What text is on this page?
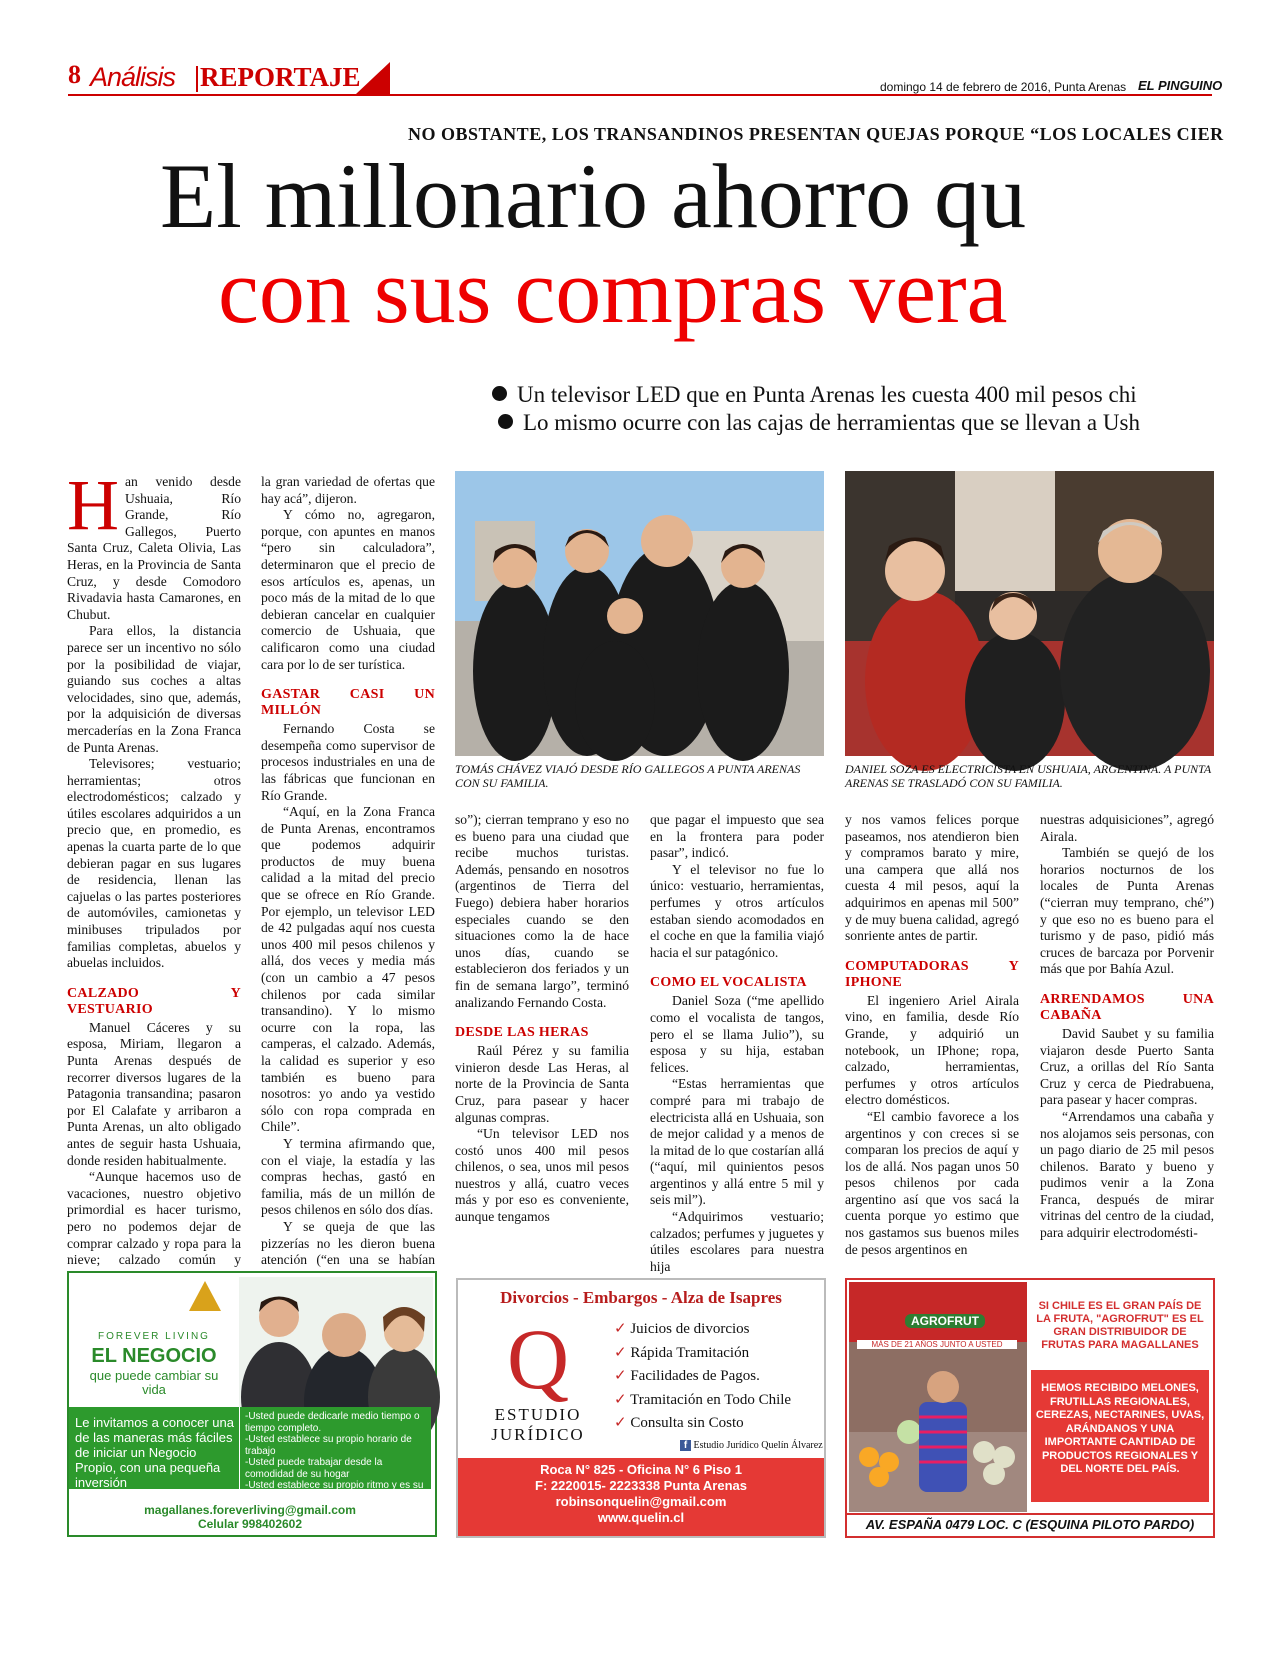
8 Análisis REPORTAJE	domingo 14 de febrero de 2016, Punta Arenas EL PINGUINO
NO OBSTANTE, LOS TRANSANDINOS PRESENTAN QUEJAS PORQUE “LOS LOCALES CIER
El millonario ahorro qu
con sus compras vera
Un televisor LED que en Punta Arenas les cuesta 400 mil pesos chi
Lo mismo ocurre con las cajas de herramientas que se llevan a Ush

Han venido desde Ushuaia, Río Grande, Río Gallegos, Puerto Santa Cruz, Caleta Olivia, Las Heras, en la Provincia de Santa Cruz, y desde Comodoro Rivadavia hasta Camarones, en Chubut.

Para ellos, la distancia parece ser un incentivo no sólo por la posibilidad de viajar, guiando sus coches a altas velocidades, sino que, además, por la adquisición de diversas mercaderías en la Zona Franca de Punta Arenas.

Televisores; vestuario; herramientas; otros electrodomésticos; calzado y útiles escolares adquiridos a un precio que, en promedio, es apenas la cuarta parte de lo que debieran pagar en sus lugares de residencia, llenan las cajuelas o las partes posteriores de automóviles, camionetas y minibuses tripulados por familias completas, abuelos y abuelas incluidos.

CALZADO Y VESTUARIO

Manuel Cáceres y su esposa, Miriam, llegaron a Punta Arenas después de recorrer diversos lugares de la Patagonia transandina; pasaron por El Calafate y arribaron a Punta Arenas, un alto obligado antes de seguir hasta Ushuaia, donde residen habitualmente.

“Aunque hacemos uso de vacaciones, nuestro objetivo primordial es hacer turismo, pero no podemos dejar de comprar calzado y ropa para la nieve; calzado común y

la gran variedad de ofertas que hay acá”, dijeron.

Y cómo no, agregaron, porque, con apuntes en manos “pero sin calculadora”, determinaron que el precio de esos artículos es, apenas, un poco más de la mitad de lo que debieran cancelar en cualquier comercio de Ushuaia, que calificaron como una ciudad cara por lo de ser turística.

GASTAR CASI UN MILLÓN

Fernando Costa se desempeña como supervisor de procesos industriales en una de las fábricas que funcionan en Río Grande.

“Aquí, en la Zona Franca de Punta Arenas, encontramos que podemos adquirir productos de muy buena calidad a la mitad del precio que se ofrece en Río Grande. Por ejemplo, un televisor LED de 42 pulgadas aquí nos cuesta unos 400 mil pesos chilenos y allá, dos veces y media más (con un cambio a 47 pesos chilenos por cada similar transandino). Y lo mismo ocurre con la ropa, las camperas, el calzado. Además, la calidad es superior y eso también es bueno para nosotros: yo ando ya vestido sólo con ropa comprada en Chile”.

Y termina afirmando que, con el viaje, la estadía y las compras hechas, gastó en familia, más de un millón de pesos chilenos en sólo dos días.

Y se queja de que las pizzerías no les dieron buena atención (“en una se habían

TOMÁS CHÁVEZ VIAJÓ DESDE RÍO GALLEGOS A PUNTA ARENAS CON SU FAMILIA.
DANIEL SOZA ES ELECTRICISTA EN USHUAIA, ARGENTINA. A PUNTA ARENAS SE TRASLADÓ CON SU FAMILIA.

so”); cierran temprano y eso no es bueno para una ciudad que recibe muchos turistas. Además, pensando en nosotros (argentinos de Tierra del Fuego) debiera haber horarios especiales cuando se den situaciones como la de hace unos días, cuando se establecieron dos feriados y un fin de semana largo”, terminó analizando Fernando Costa.

DESDE LAS HERAS

Raúl Pérez y su familia vinieron desde Las Heras, al norte de la Provincia de Santa Cruz, para pasear y hacer algunas compras.

“Un televisor LED nos costó unos 400 mil pesos chilenos, o sea, unos mil pesos nuestros y allá, cuatro veces más y por eso es conveniente, aunque tengamos

que pagar el impuesto que sea en la frontera para poder pasar”, indicó.

Y el televisor no fue lo único: vestuario, herramientas, perfumes y otros artículos estaban siendo acomodados en el coche en que la familia viajó hacia el sur patagónico.

COMO EL VOCALISTA

Daniel Soza (“me apellido como el vocalista de tangos, pero el se llama Julio”), su esposa y su hija, estaban felices.

“Estas herramientas que compré para mi trabajo de electricista allá en Ushuaia, son de mejor calidad y a menos de la mitad de lo que costarían allá (“aquí, mil quinientos pesos argentinos y allá entre 5 mil y seis mil”).

“Adquirimos vestuario; calzados; perfumes y juguetes y útiles escolares para nuestra hija

y nos vamos felices porque paseamos, nos atendieron bien y compramos barato y mire, una campera que allá nos cuesta 4 mil pesos, aquí la adquirimos en apenas mil 500” y de muy buena calidad, agregó sonriente antes de partir.

COMPUTADORAS Y IPHONE

El ingeniero Ariel Airala vino, en familia, desde Río Grande, y adquirió un notebook, un IPhone; ropa, calzado, herramientas, perfumes y otros artículos electro domésticos.

“El cambio favorece a los argentinos y con creces si se comparan los precios de aquí y los de allá. Nos pagan unos 50 pesos chilenos por cada argentino así que vos sacá la cuenta porque yo estimo que nos gastamos sus buenos miles de pesos argentinos en

nuestras adquisiciones”, agregó Airala.

También se quejó de los horarios nocturnos de los locales de Punta Arenas (“cierran muy temprano, ché”) y que eso no es bueno para el turismo y de paso, pidió más cruces de barcaza por Porvenir más que por Bahía Azul.

ARRENDAMOS UNA CABAÑA

David Saubet y su familia viajaron desde Puerto Santa Cruz, a orillas del Río Santa Cruz y cerca de Piedrabuena, para pasear y hacer compras.

“Arrendamos una cabaña y nos alojamos seis personas, con un pago diario de 25 mil pesos chilenos. Barato y bueno y pudimos venir a la Zona Franca, después de mirar vitrinas del centro de la ciudad, para adquirir electrodomésti-

FOREVER LIVING
EL NEGOCIO
que puede cambiar su vida
Le invitamos a conocer una de las maneras más fáciles de iniciar un Negocio Propio, con una pequeña inversión
-Usted puede dedicarle medio tiempo o tiempo completo.
-Usted establece su propio horario de trabajo
-Usted puede trabajar desde la comodidad de su hogar
-Usted establece su propio ritmo y es su propio jefe
magallanes.foreverliving@gmail.com
Celular 998402602
Divorcios - Embargos - Alza de Isapres
Q
ESTUDIO
JURÍDICO
✓ Juicios de divorcios
✓ Rápida Tramitación
✓ Facilidades de Pagos.
✓ Tramitación en Todo Chile
✓ Consulta sin Costo
f Estudio Jurídico Quelín Álvarez
Roca N° 825 - Oficina N° 6 Piso 1
F: 2220015- 2223338 Punta Arenas
robinsonquelin@gmail.com
www.quelin.cl
AGROFRUT
MÁS DE 21 AÑOS JUNTO A USTED
SI CHILE ES EL GRAN PAÍS DE LA FRUTA, "AGROFRUT" ES EL GRAN DISTRIBUIDOR DE FRUTAS PARA MAGALLANES
HEMOS RECIBIDO MELONES, FRUTILLAS REGIONALES, CEREZAS, NECTARINES, UVAS, ARÁNDANOS Y UNA IMPORTANTE CANTIDAD DE PRODUCTOS REGIONALES Y DEL NORTE DEL PAÍS.
AV. ESPAÑA 0479 LOC. C (ESQUINA PILOTO PARDO)
